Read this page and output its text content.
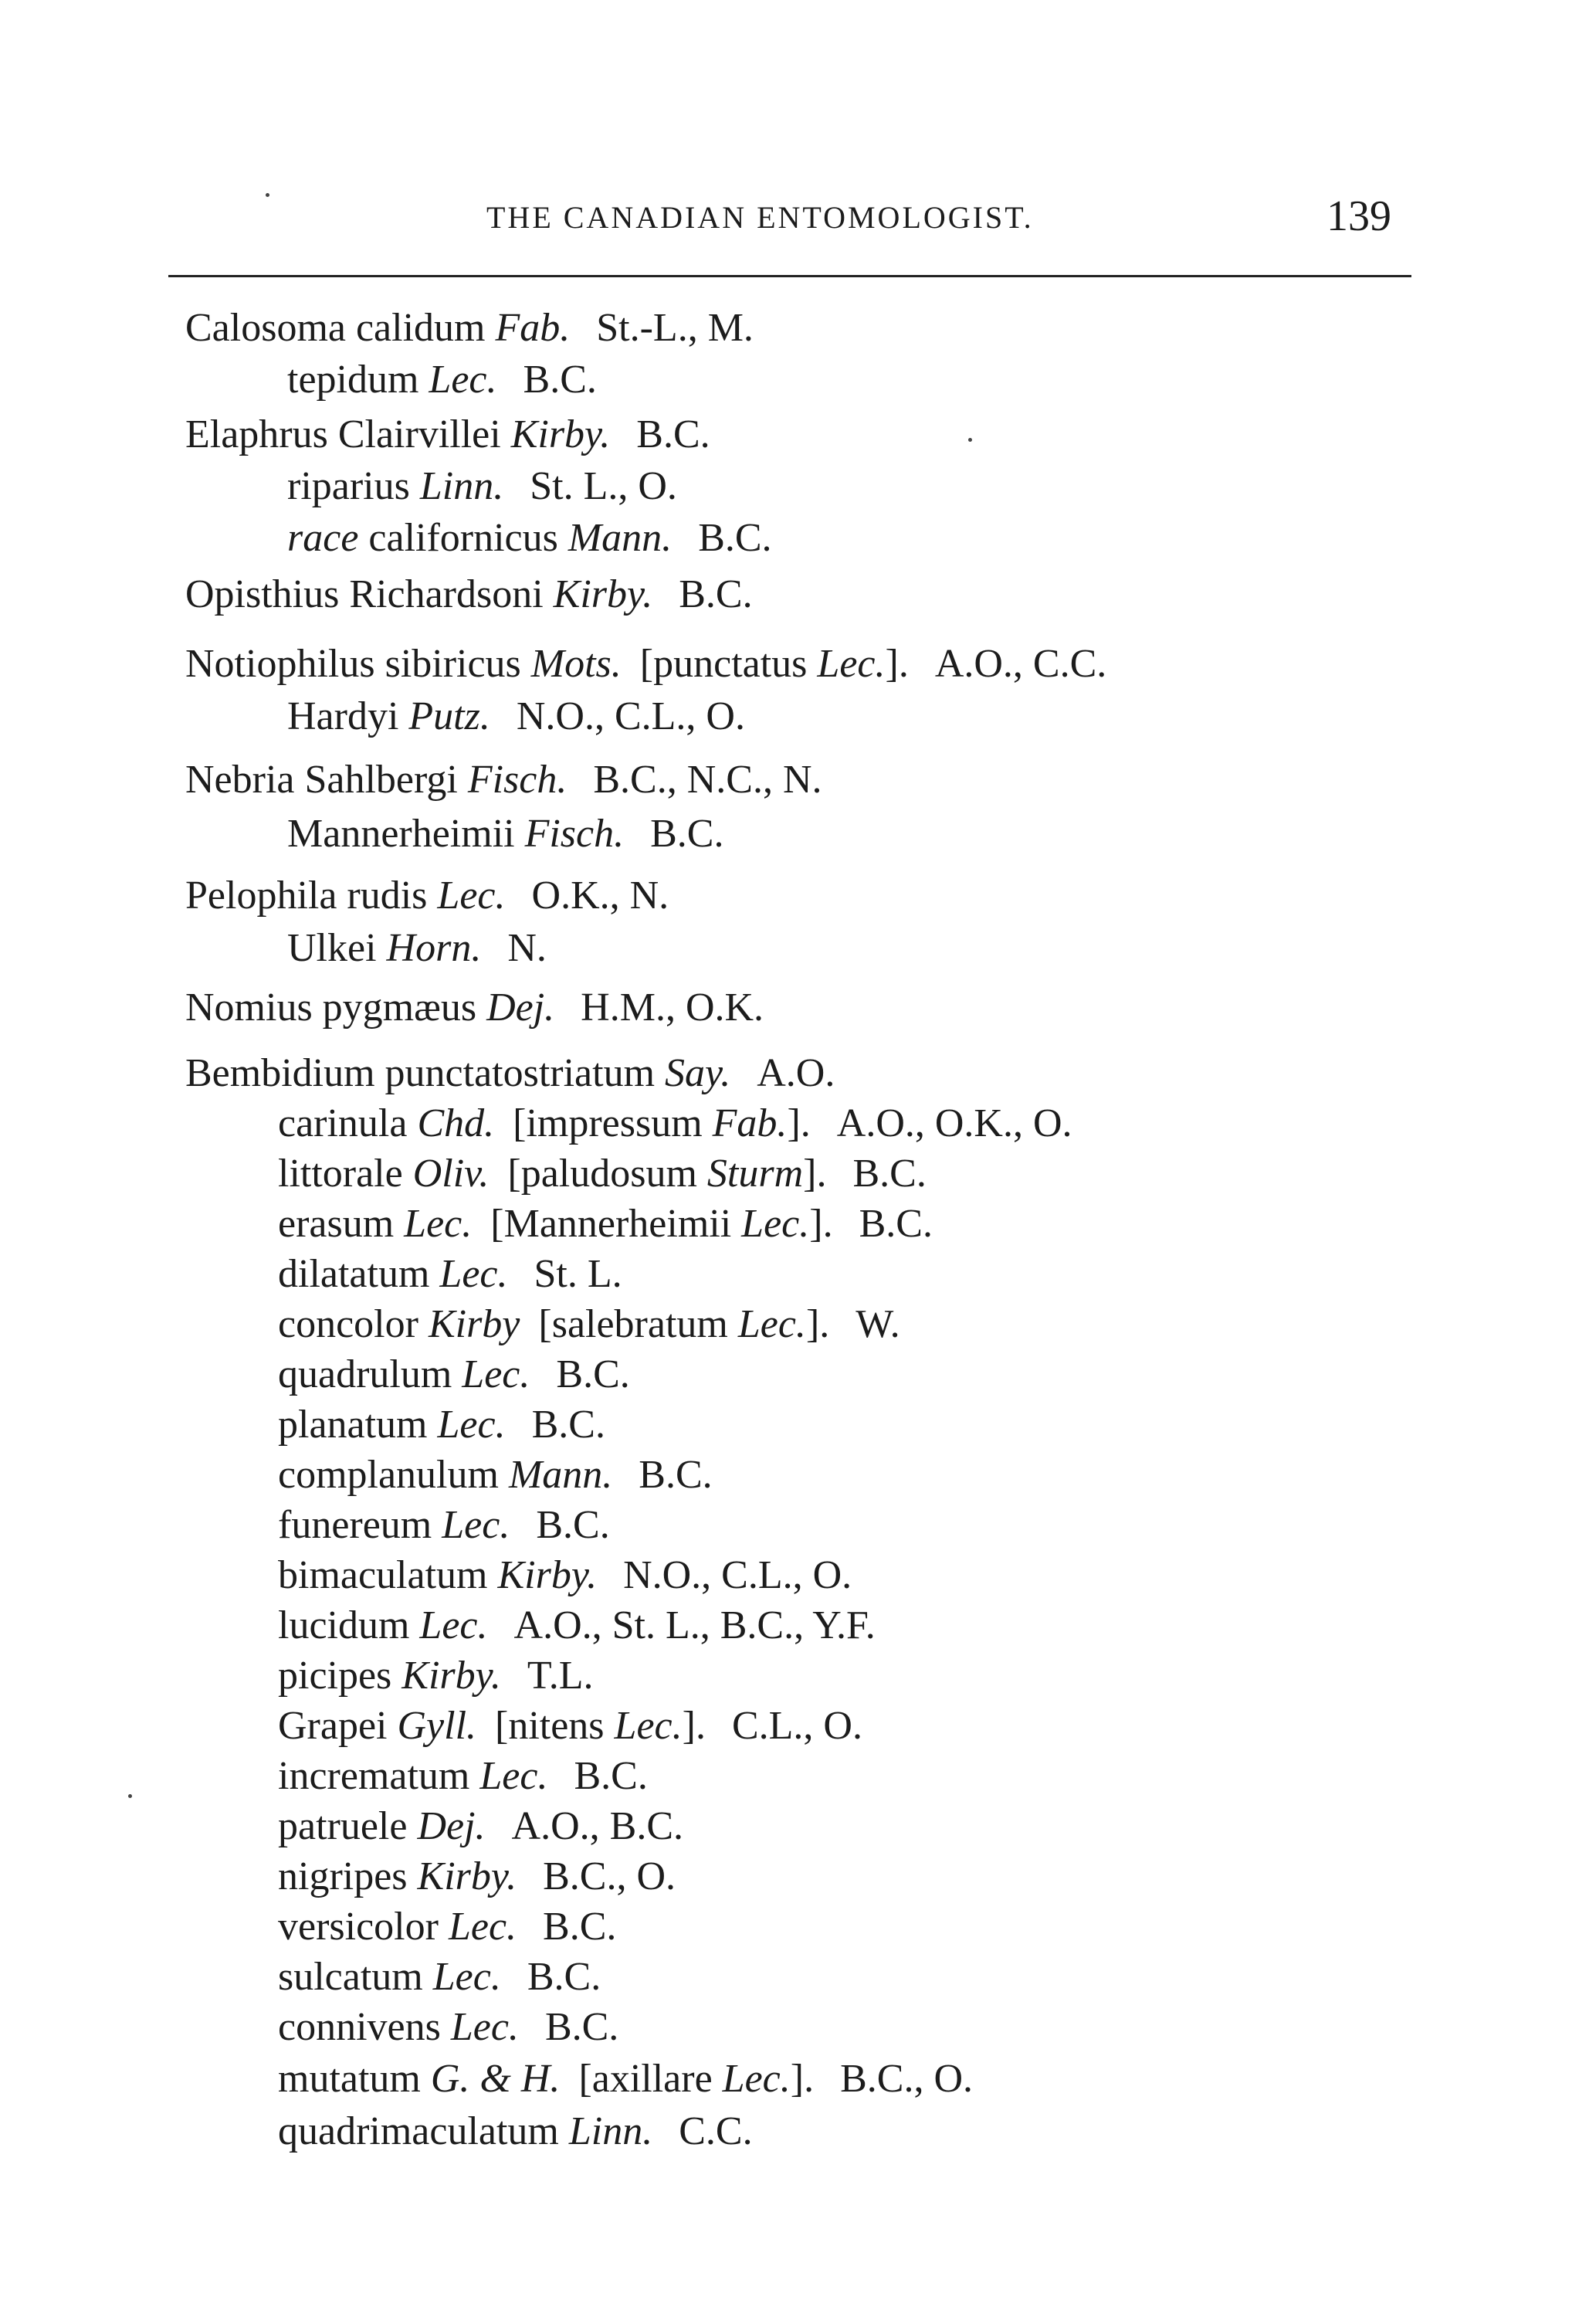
THE CANADIAN ENTOMOLOGIST.	139
Calosoma calidum Fab. St.-L., M.
tepidum Lec. B.C.
Elaphrus Clairvillei Kirby. B.C.
riparius Linn. St. L., O.
race californicus Mann. B.C.
Opisthius Richardsoni Kirby. B.C.
Notiophilus sibiricus Mots. [punctatus Lec.]. A.O., C.C.
Hardyi Putz. N.O., C.L., O.
Nebria Sahlbergi Fisch. B.C., N.C., N.
Mannerheimii Fisch. B.C.
Pelophila rudis Lec. O.K., N.
Ulkei Horn. N.
Nomius pygmæus Dej. H.M., O.K.
Bembidium punctatostriatum Say. A.O.
carinula Chd. [impressum Fab.]. A.O., O.K., O.
littorale Oliv. [paludosum Sturm]. B.C.
erasum Lec. [Mannerheimii Lec.]. B.C.
dilatatum Lec. St. L.
concolor Kirby [salebratum Lec.]. W.
quadrulum Lec. B.C.
planatum Lec. B.C.
complanulum Mann. B.C.
funereum Lec. B.C.
bimaculatum Kirby. N.O., C.L., O.
lucidum Lec. A.O., St. L., B.C., Y.F.
picipes Kirby. T.L.
Grapei Gyll. [nitens Lec.]. C.L., O.
incrematum Lec. B.C.
patruele Dej. A.O., B.C.
nigripes Kirby. B.C., O.
versicolor Lec. B.C.
sulcatum Lec. B.C.
connivens Lec. B.C.
mutatum G. & H. [axillare Lec.]. B.C., O.
quadrimaculatum Linn. C.C.
